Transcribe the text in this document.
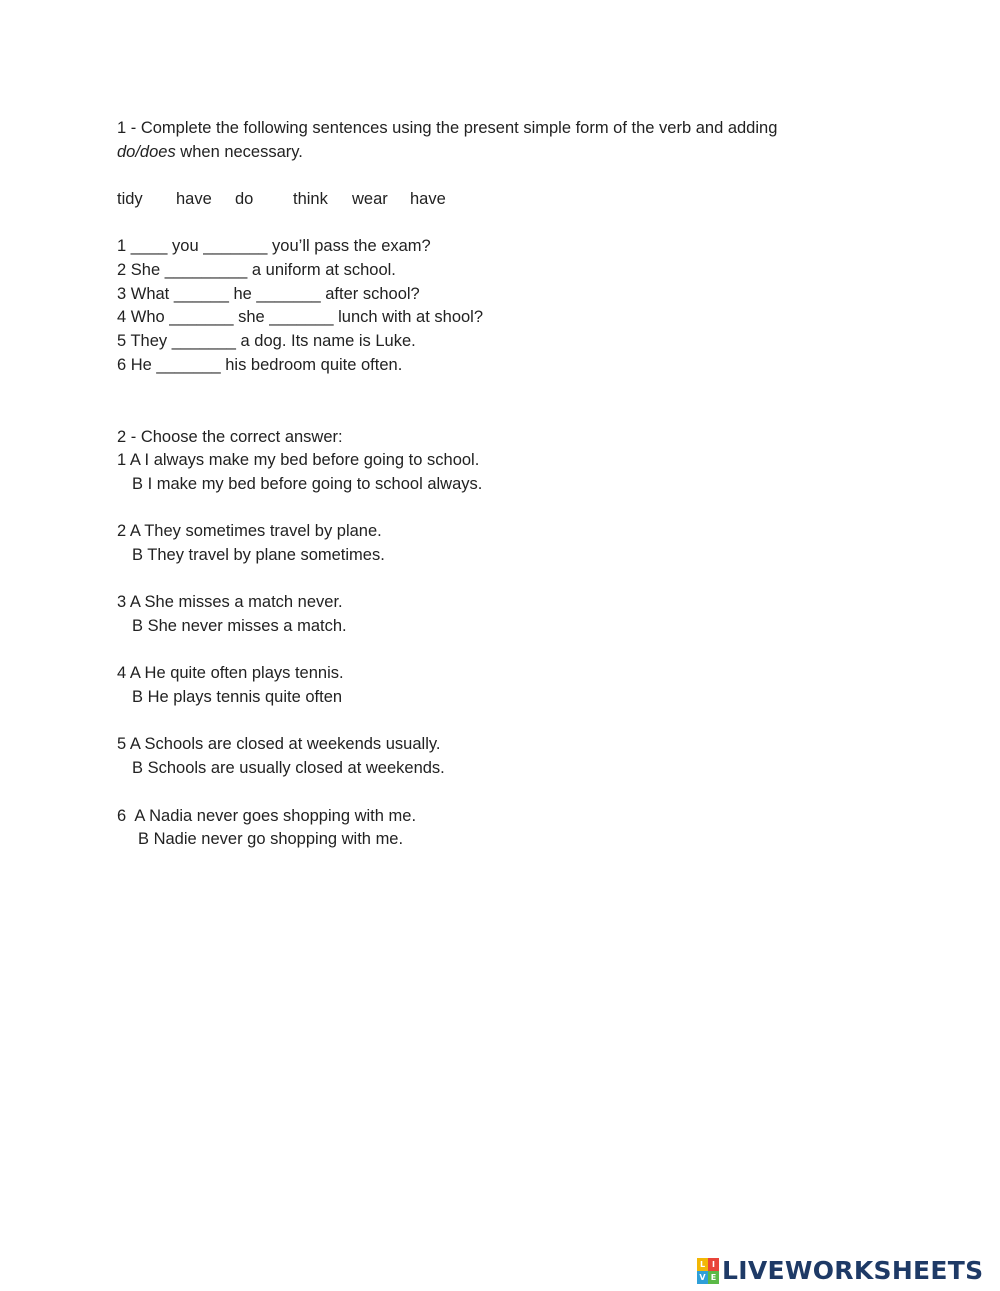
1 - Complete the following sentences using the present simple form of the verb and adding

do/does when necessary.

tidy have do think wear have

1 ____ you _______ you’ll pass the exam?

2 She _________ a uniform at school.

3 What ______ he _______ after school?

4 Who _______ she _______ lunch with at shool?

5 They _______ a dog. Its name is Luke.

6 He _______ his bedroom quite often.

2 - Choose the correct answer:

1 A I always make my bed before going to school.

B I make my bed before going to school always.

2 A They sometimes travel by plane.

B They travel by plane sometimes.

3 A She misses a match never.

B She never misses a match.

4 A He quite often plays tennis.

B He plays tennis quite often

5 A Schools are closed at weekends usually.

B Schools are usually closed at weekends.

6  A Nadia never goes shopping with me.

B Nadie never go shopping with me.

L I
V E LIVEWORKSHEETS
